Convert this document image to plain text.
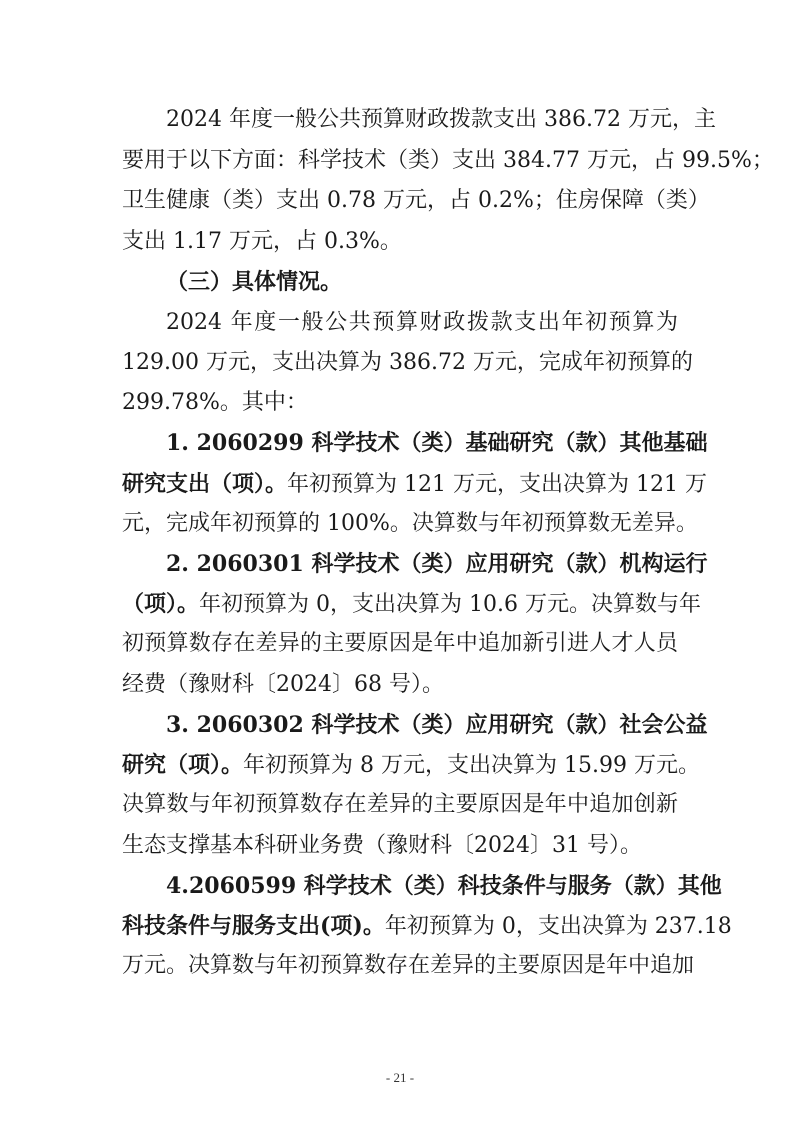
2024 年度一般公共预算财政拨款支出 386.72 万元，主
要用于以下方面：科学技术（类）支出 384.77 万元，占 99.5%；
卫生健康（类）支出 0.78 万元，占 0.2%；住房保障（类）
支出 1.17 万元，占 0.3%。
（三）具体情况。
2024 年度一般公共预算财政拨款支出年初预算为
129.00 万元，支出决算为 386.72 万元，完成年初预算的
299.78%。其中：
1. 2060299 科学技术（类）基础研究（款）其他基础
研究支出（项）。年初预算为 121 万元，支出决算为 121 万
元，完成年初预算的 100%。决算数与年初预算数无差异。
2. 2060301 科学技术（类）应用研究（款）机构运行
（项）。年初预算为 0，支出决算为 10.6 万元。决算数与年
初预算数存在差异的主要原因是年中追加新引进人才人员
经费（豫财科〔2024〕68 号）。
3. 2060302 科学技术（类）应用研究（款）社会公益
研究（项）。年初预算为 8 万元，支出决算为 15.99 万元。
决算数与年初预算数存在差异的主要原因是年中追加创新
生态支撑基本科研业务费（豫财科〔2024〕31 号）。
4.2060599 科学技术（类）科技条件与服务（款）其他
科技条件与服务支出(项)。年初预算为 0，支出决算为 237.18
万元。决算数与年初预算数存在差异的主要原因是年中追加
- 21 -
